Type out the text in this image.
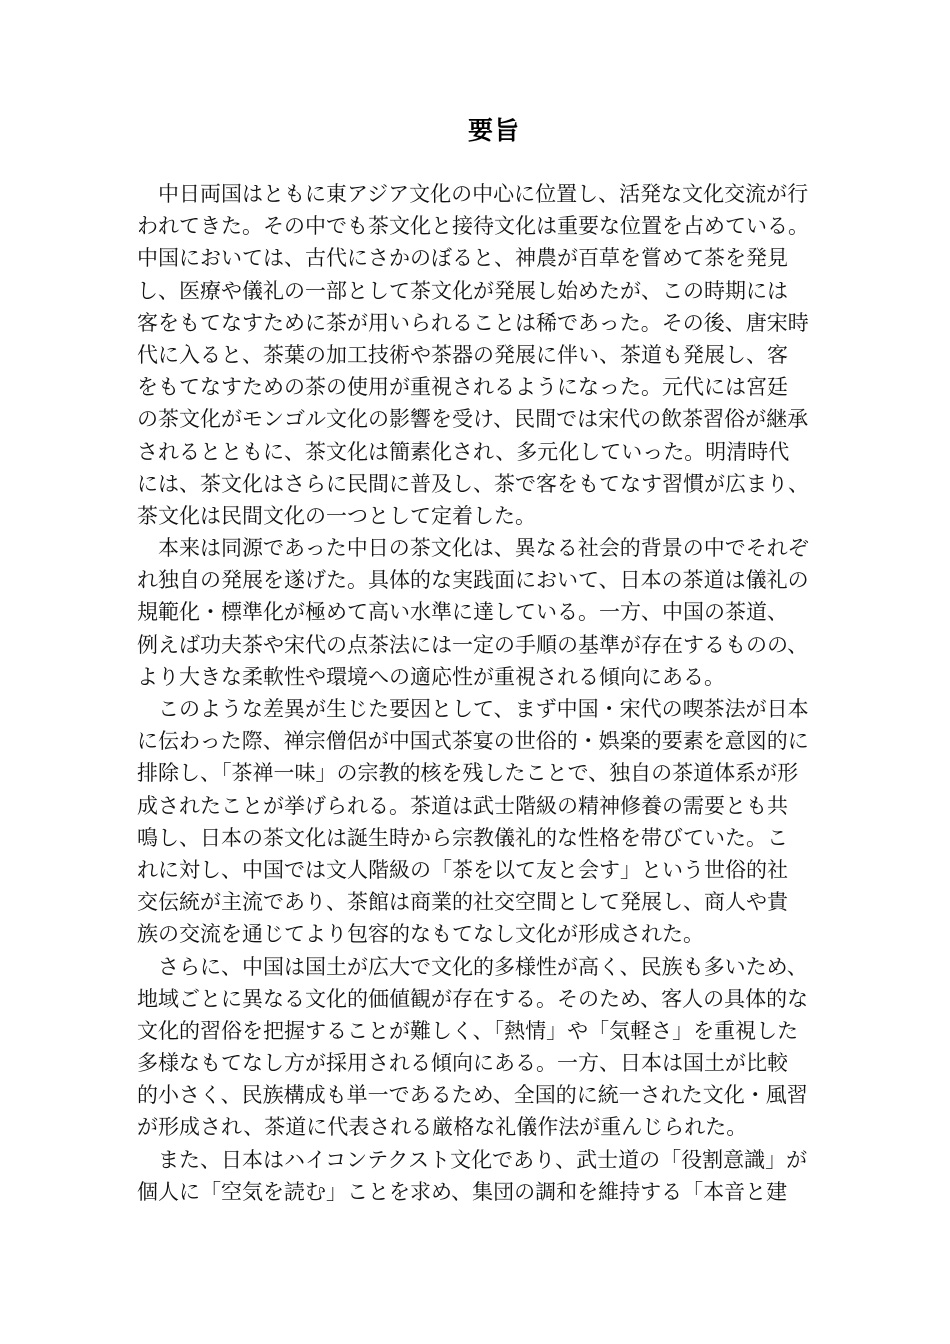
要旨
　中日両国はともに東アジア文化の中心に位置し、活発な文化交流が行
われてきた。その中でも茶文化と接待文化は重要な位置を占めている。
中国においては、古代にさかのぼると、神農が百草を嘗めて茶を発見
し、医療や儀礼の一部として茶文化が発展し始めたが、この時期には
客をもてなすために茶が用いられることは稀であった。その後、唐宋時
代に入ると、茶葉の加工技術や茶器の発展に伴い、茶道も発展し、客
をもてなすための茶の使用が重視されるようになった。元代には宮廷
の茶文化がモンゴル文化の影響を受け、民間では宋代の飲茶習俗が継承
されるとともに、茶文化は簡素化され、多元化していった。明清時代
には、茶文化はさらに民間に普及し、茶で客をもてなす習慣が広まり、
茶文化は民間文化の一つとして定着した。
　本来は同源であった中日の茶文化は、異なる社会的背景の中でそれぞ
れ独自の発展を遂げた。具体的な実践面において、日本の茶道は儀礼の
規範化・標準化が極めて高い水準に達している。一方、中国の茶道、
例えば功夫茶や宋代の点茶法には一定の手順の基準が存在するものの、
より大きな柔軟性や環境への適応性が重視される傾向にある。
　このような差異が生じた要因として、まず中国・宋代の喫茶法が日本
に伝わった際、禅宗僧侶が中国式茶宴の世俗的・娯楽的要素を意図的に
排除し、「茶禅一味」の宗教的核を残したことで、独自の茶道体系が形
成されたことが挙げられる。茶道は武士階級の精神修養の需要とも共
鳴し、日本の茶文化は誕生時から宗教儀礼的な性格を帯びていた。こ
れに対し、中国では文人階級の「茶を以て友と会す」という世俗的社
交伝統が主流であり、茶館は商業的社交空間として発展し、商人や貴
族の交流を通じてより包容的なもてなし文化が形成された。
　さらに、中国は国土が広大で文化的多様性が高く、民族も多いため、
地域ごとに異なる文化的価値観が存在する。そのため、客人の具体的な
文化的習俗を把握することが難しく、「熱情」や「気軽さ」を重視した
多様なもてなし方が採用される傾向にある。一方、日本は国土が比較
的小さく、民族構成も単一であるため、全国的に統一された文化・風習
が形成され、茶道に代表される厳格な礼儀作法が重んじられた。
　また、日本はハイコンテクスト文化であり、武士道の「役割意識」が
個人に「空気を読む」ことを求め、集団の調和を維持する「本音と建
